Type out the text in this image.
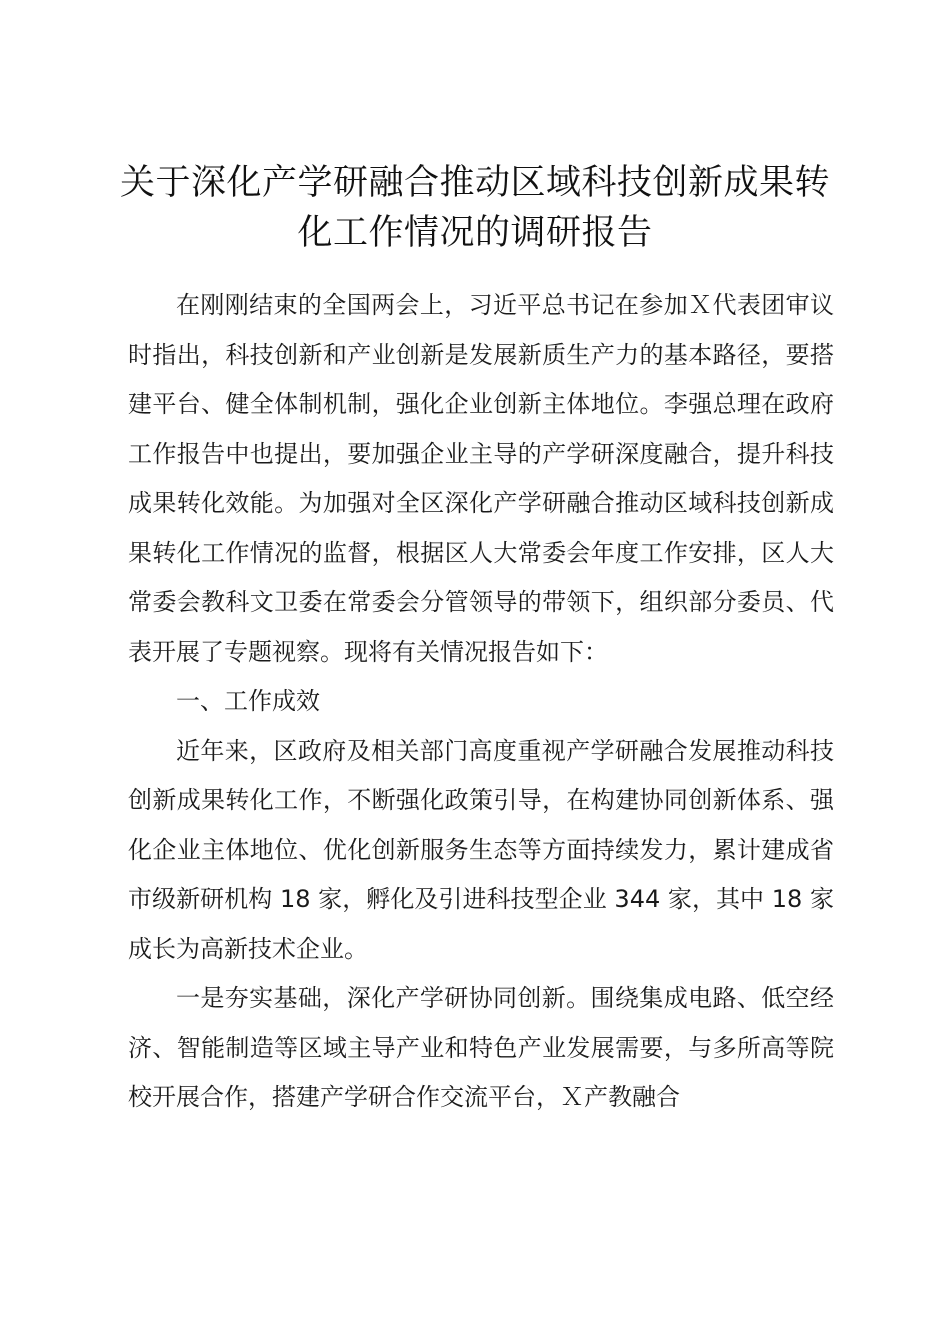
关于深化产学研融合推动区域科技创新成果转
化工作情况的调研报告

在刚刚结束的全国两会上，习近平总书记在参加Ｘ代表团审议时指出，科技创新和产业创新是发展新质生产力的基本路径，要搭建平台、健全体制机制，强化企业创新主体地位。李强总理在政府工作报告中也提出，要加强企业主导的产学研深度融合，提升科技成果转化效能。为加强对全区深化产学研融合推动区域科技创新成果转化工作情况的监督，根据区人大常委会年度工作安排，区人大常委会教科文卫委在常委会分管领导的带领下，组织部分委员、代表开展了专题视察。现将有关情况报告如下：

一、工作成效

近年来，区政府及相关部门高度重视产学研融合发展推动科技创新成果转化工作，不断强化政策引导，在构建协同创新体系、强化企业主体地位、优化创新服务生态等方面持续发力，累计建成省市级新研机构 18 家，孵化及引进科技型企业 344 家，其中 18 家成长为高新技术企业。

一是夯实基础，深化产学研协同创新。围绕集成电路、低空经济、智能制造等区域主导产业和特色产业发展需要，与多所高等院校开展合作，搭建产学研合作交流平台，Ｘ产教融合
